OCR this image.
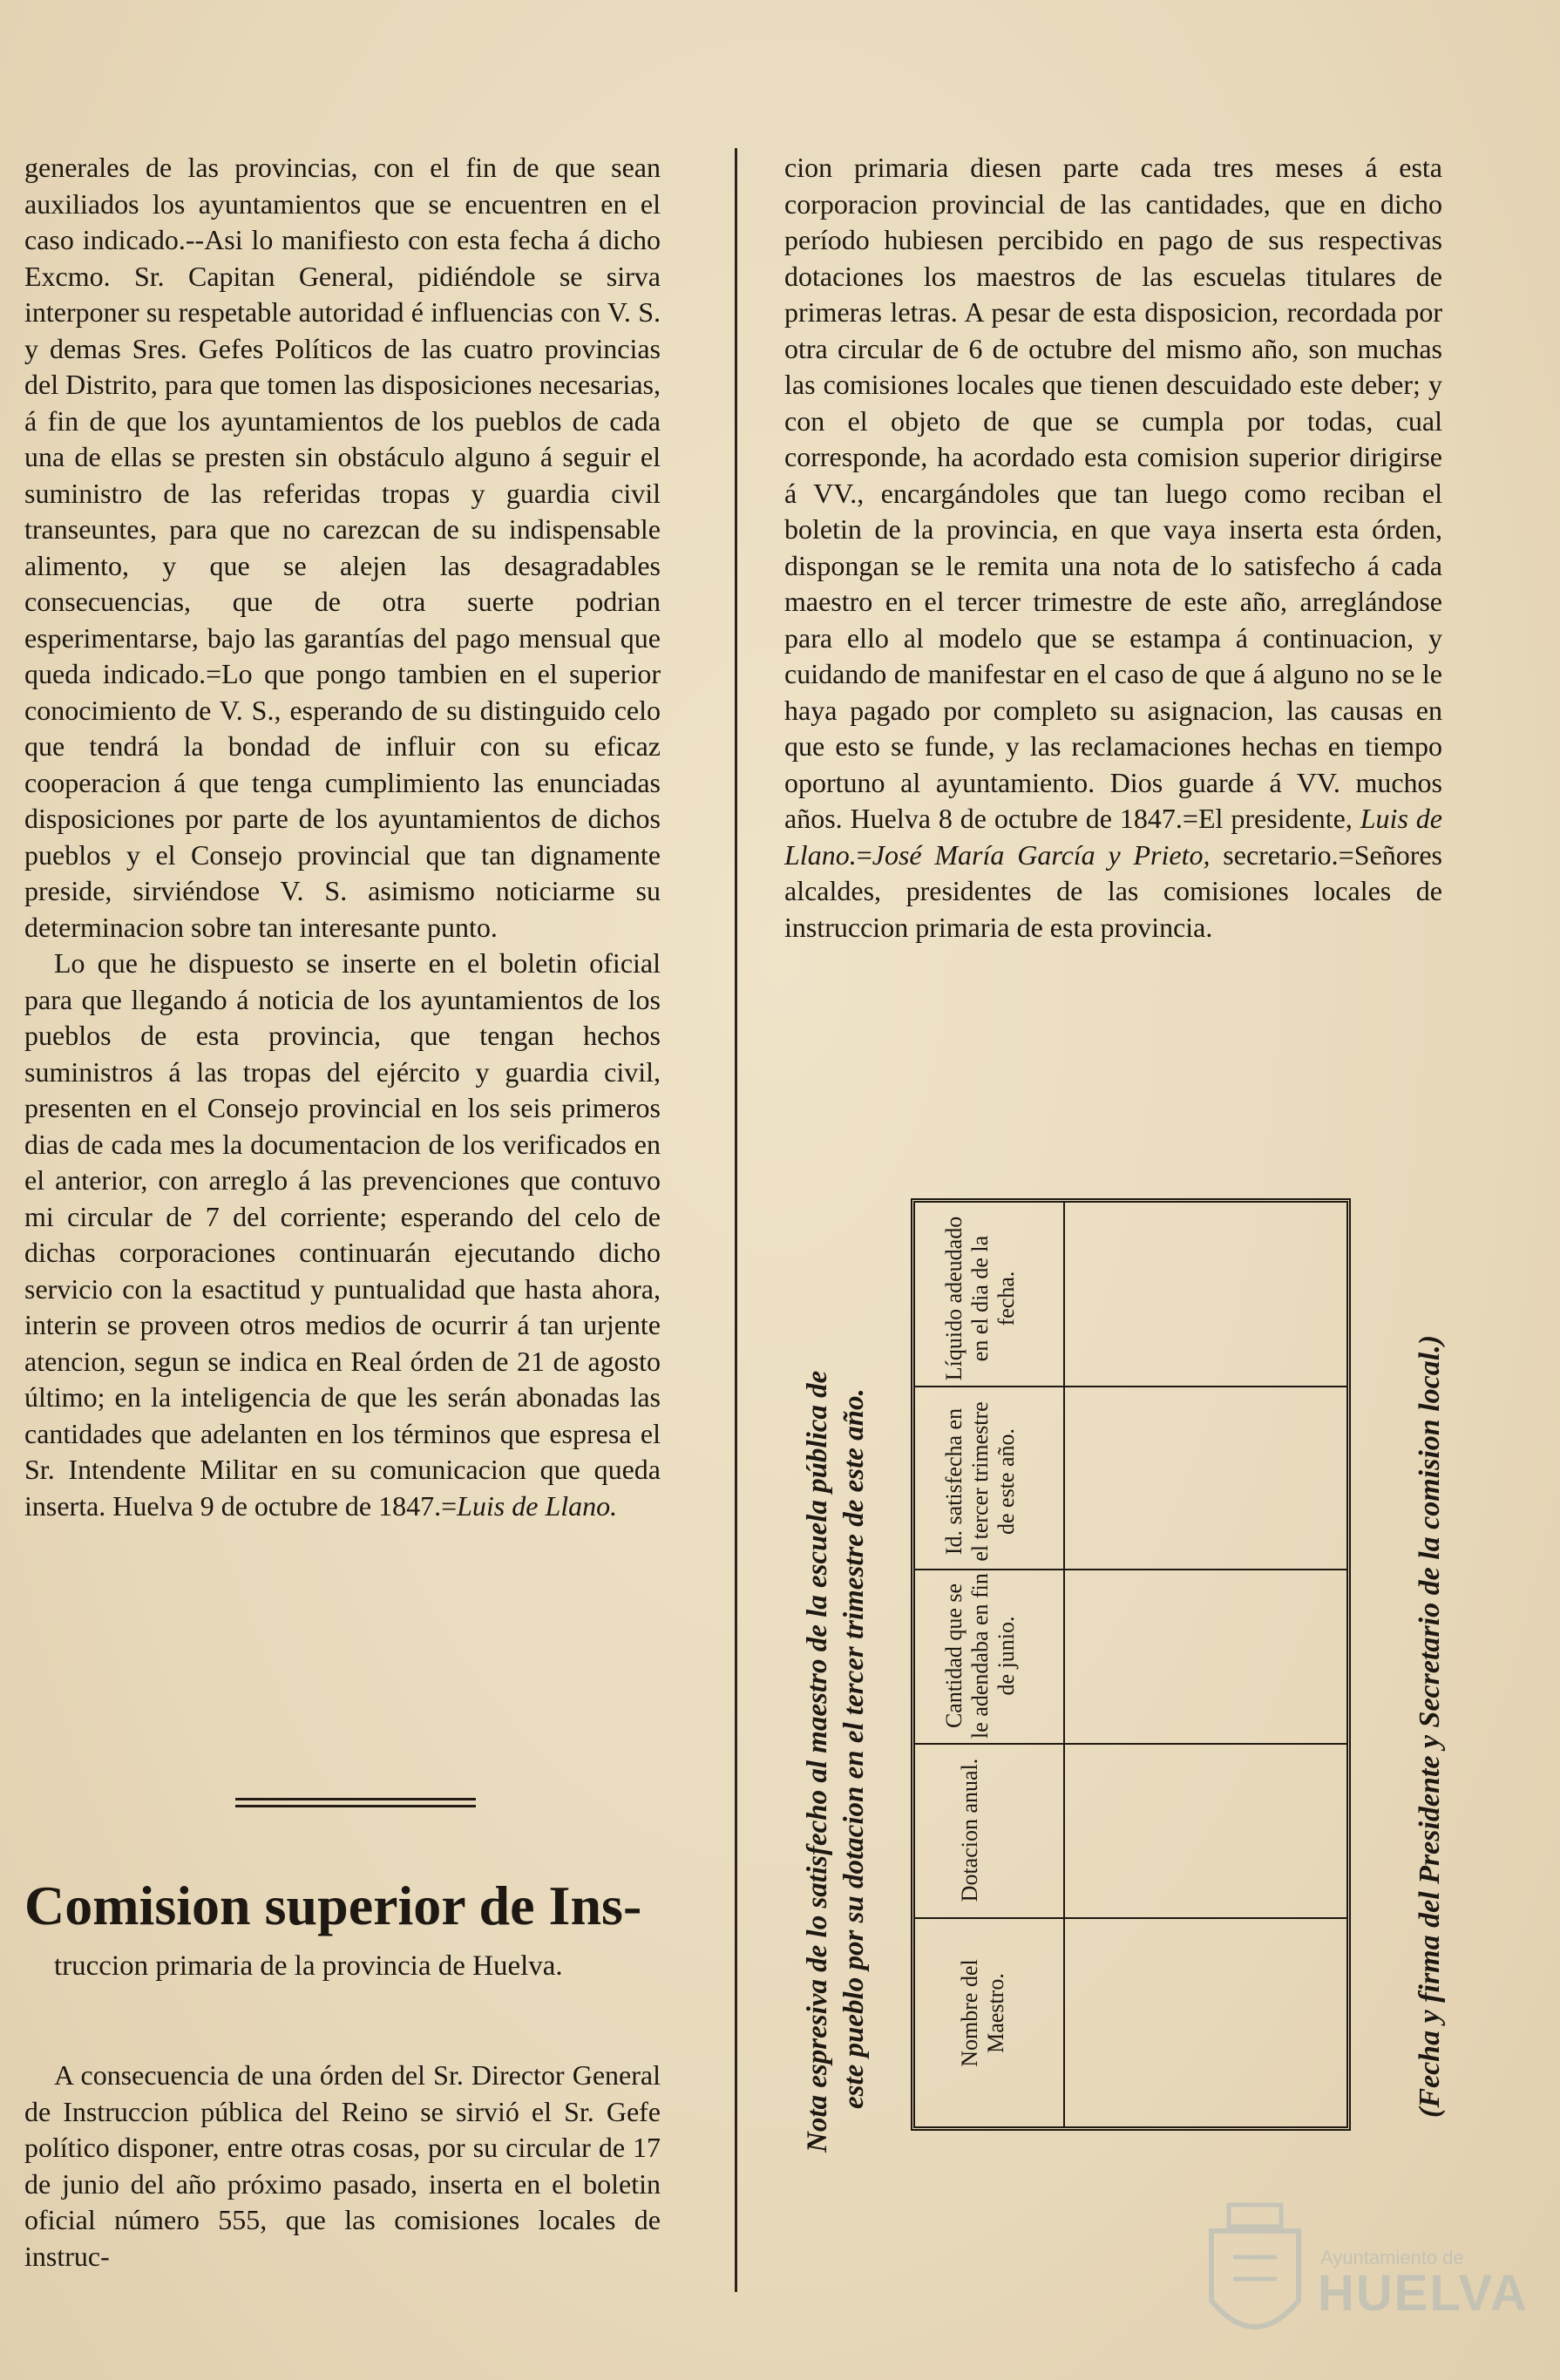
generales de las provincias, con el fin de que sean auxiliados los ayuntamientos que se encuentren en el caso indicado.--Asi lo manifiesto con esta fecha á dicho Excmo. Sr. Capitan General, pidiéndole se sirva interponer su respetable autoridad é influencias con V. S. y demas Sres. Gefes Políticos de las cuatro provincias del Distrito, para que tomen las disposiciones necesarias, á fin de que los ayuntamientos de los pueblos de cada una de ellas se presten sin obstáculo alguno á seguir el suministro de las referidas tropas y guardia civil transeuntes, para que no carezcan de su indispensable alimento, y que se alejen las desagradables consecuencias, que de otra suerte podrian esperimentarse, bajo las garantías del pago mensual que queda indicado.=Lo que pongo tambien en el superior conocimiento de V. S., esperando de su distinguido celo que tendrá la bondad de influir con su eficaz cooperacion á que tenga cumplimiento las enunciadas disposiciones por parte de los ayuntamientos de dichos pueblos y el Consejo provincial que tan dignamente preside, sirviéndose V. S. asimismo noticiarme su determinacion sobre tan interesante punto.

Lo que he dispuesto se inserte en el boletin oficial para que llegando á noticia de los ayuntamientos de los pueblos de esta provincia, que tengan hechos suministros á las tropas del ejército y guardia civil, presenten en el Consejo provincial en los seis primeros dias de cada mes la documentacion de los verificados en el anterior, con arreglo á las prevenciones que contuvo mi circular de 7 del corriente; esperando del celo de dichas corporaciones continuarán ejecutando dicho servicio con la esactitud y puntualidad que hasta ahora, interin se proveen otros medios de ocurrir á tan urjente atencion, segun se indica en Real órden de 21 de agosto último; en la inteligencia de que les serán abonadas las cantidades que adelanten en los términos que espresa el Sr. Intendente Militar en su comunicacion que queda inserta. Huelva 9 de octubre de 1847.=Luis de Llano.

Comision superior de Ins-

truccion primaria de la provincia de Huelva.

A consecuencia de una órden del Sr. Director General de Instruccion pública del Reino se sirvió el Sr. Gefe político disponer, entre otras cosas, por su circular de 17 de junio del año próximo pasado, inserta en el boletin oficial número 555, que las comisiones locales de instruc-

cion primaria diesen parte cada tres meses á esta corporacion provincial de las cantidades, que en dicho período hubiesen percibido en pago de sus respectivas dotaciones los maestros de las escuelas titulares de primeras letras. A pesar de esta disposicion, recordada por otra circular de 6 de octubre del mismo año, son muchas las comisiones locales que tienen descuidado este deber; y con el objeto de que se cumpla por todas, cual corresponde, ha acordado esta comision superior dirigirse á VV., encargándoles que tan luego como reciban el boletin de la provincia, en que vaya inserta esta órden, dispongan se le remita una nota de lo satisfecho á cada maestro en el tercer trimestre de este año, arreglándose para ello al modelo que se estampa á continuacion, y cuidando de manifestar en el caso de que á alguno no se le haya pagado por completo su asignacion, las causas en que esto se funde, y las reclamaciones hechas en tiempo oportuno al ayuntamiento. Dios guarde á VV. muchos años. Huelva 8 de octubre de 1847.=El presidente, Luis de Llano.=José María García y Prieto, secretario.=Señores alcaldes, presidentes de las comisiones locales de instruccion primaria de esta provincia.

Nota espresiva de lo satisfecho al maestro de la escuela pública de este pueblo por su dotacion en el tercer trimestre de este año.	(Fecha y firma del Presidente y Secretario de la comision local.)
Nombre del Maestro.
Dotacion anual.
Cantidad que se le adendaba en fin de junio.
Id. satisfecha en el tercer trimestre de este año.
Líquido adeudado en el dia de la fecha.
Ayuntamiento de
HUELVA
